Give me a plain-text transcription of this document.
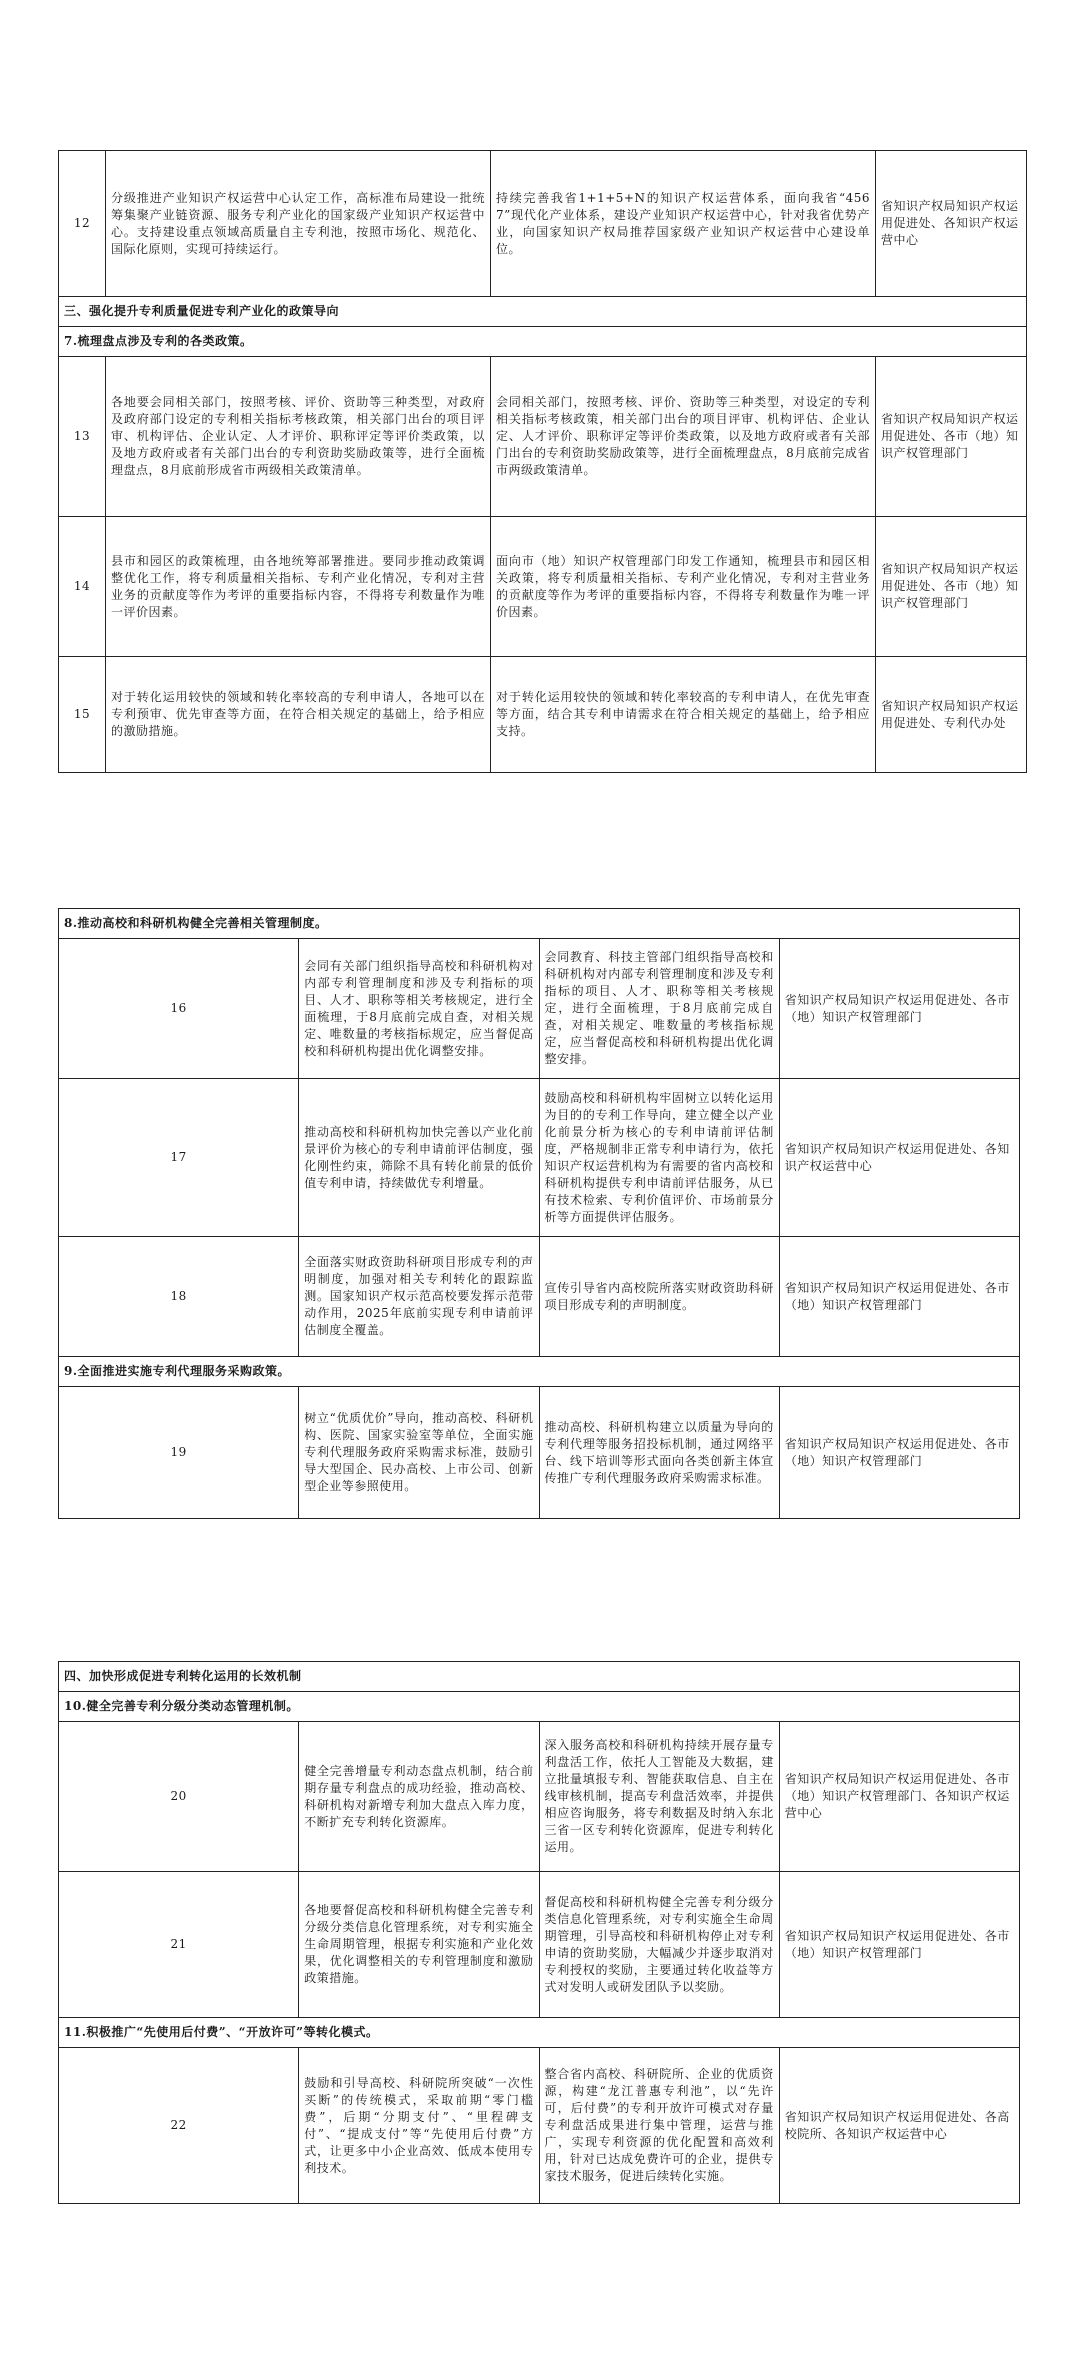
12	分级推进产业知识产权运营中心认定工作，高标准布局建设一批统筹集聚产业链资源、服务专利产业化的国家级产业知识产权运营中心。支持建设重点领域高质量自主专利池，按照市场化、规范化、国际化原则，实现可持续运行。	持续完善我省1+1+5+N的知识产权运营体系，面向我省“4567”现代化产业体系，建设产业知识产权运营中心，针对我省优势产业，向国家知识产权局推荐国家级产业知识产权运营中心建设单位。	省知识产权局知识产权运用促进处、各知识产权运营中心
三、强化提升专利质量促进专利产业化的政策导向			
7.梳理盘点涉及专利的各类政策。			
13	各地要会同相关部门，按照考核、评价、资助等三种类型，对政府及政府部门设定的专利相关指标考核政策，相关部门出台的项目评审、机构评估、企业认定、人才评价、职称评定等评价类政策，以及地方政府或者有关部门出台的专利资助奖励政策等，进行全面梳理盘点，8月底前形成省市两级相关政策清单。	会同相关部门，按照考核、评价、资助等三种类型，对设定的专利相关指标考核政策，相关部门出台的项目评审、机构评估、企业认定、人才评价、职称评定等评价类政策，以及地方政府或者有关部门出台的专利资助奖励政策等，进行全面梳理盘点，8月底前完成省市两级政策清单。	省知识产权局知识产权运用促进处、各市（地）知识产权管理部门
14	县市和园区的政策梳理，由各地统筹部署推进。要同步推动政策调整优化工作，将专利质量相关指标、专利产业化情况，专利对主营业务的贡献度等作为考评的重要指标内容，不得将专利数量作为唯一评价因素。	面向市（地）知识产权管理部门印发工作通知，梳理县市和园区相关政策，将专利质量相关指标、专利产业化情况，专利对主营业务的贡献度等作为考评的重要指标内容，不得将专利数量作为唯一评价因素。	省知识产权局知识产权运用促进处、各市（地）知识产权管理部门
15	对于转化运用较快的领域和转化率较高的专利申请人，各地可以在专利预审、优先审查等方面，在符合相关规定的基础上，给予相应的激励措施。	对于转化运用较快的领域和转化率较高的专利申请人，在优先审查等方面，结合其专利申请需求在符合相关规定的基础上，给予相应支持。	省知识产权局知识产权运用促进处、专利代办处
8.推动高校和科研机构健全完善相关管理制度。			
16	会同有关部门组织指导高校和科研机构对内部专利管理制度和涉及专利指标的项目、人才、职称等相关考核规定，进行全面梳理，于8月底前完成自查，对相关规定、唯数量的考核指标规定，应当督促高校和科研机构提出优化调整安排。	会同教育、科技主管部门组织指导高校和科研机构对内部专利管理制度和涉及专利指标的项目、人才、职称等相关考核规定，进行全面梳理，于8月底前完成自查，对相关规定、唯数量的考核指标规定，应当督促高校和科研机构提出优化调整安排。	省知识产权局知识产权运用促进处、各市（地）知识产权管理部门
17	推动高校和科研机构加快完善以产业化前景评价为核心的专利申请前评估制度，强化刚性约束，筛除不具有转化前景的低价值专利申请，持续做优专利增量。	鼓励高校和科研机构牢固树立以转化运用为目的的专利工作导向，建立健全以产业化前景分析为核心的专利申请前评估制度，严格规制非正常专利申请行为，依托知识产权运营机构为有需要的省内高校和科研机构提供专利申请前评估服务，从已有技术检索、专利价值评价、市场前景分析等方面提供评估服务。	省知识产权局知识产权运用促进处、各知识产权运营中心
18	全面落实财政资助科研项目形成专利的声明制度，加强对相关专利转化的跟踪监测。国家知识产权示范高校要发挥示范带动作用，2025年底前实现专利申请前评估制度全覆盖。	宣传引导省内高校院所落实财政资助科研项目形成专利的声明制度。	省知识产权局知识产权运用促进处、各市（地）知识产权管理部门
9.全面推进实施专利代理服务采购政策。			
19	树立“优质优价”导向，推动高校、科研机构、医院、国家实验室等单位，全面实施专利代理服务政府采购需求标准，鼓励引导大型国企、民办高校、上市公司、创新型企业等参照使用。	推动高校、科研机构建立以质量为导向的专利代理等服务招投标机制，通过网络平台、线下培训等形式面向各类创新主体宣传推广专利代理服务政府采购需求标准。	省知识产权局知识产权运用促进处、各市（地）知识产权管理部门
四、加快形成促进专利转化运用的长效机制			
10.健全完善专利分级分类动态管理机制。			
20	健全完善增量专利动态盘点机制，结合前期存量专利盘点的成功经验，推动高校、科研机构对新增专利加大盘点入库力度，不断扩充专利转化资源库。	深入服务高校和科研机构持续开展存量专利盘活工作，依托人工智能及大数据，建立批量填报专利、智能获取信息、自主在线审核机制，提高专利盘活效率，并提供相应咨询服务，将专利数据及时纳入东北三省一区专利转化资源库，促进专利转化运用。	省知识产权局知识产权运用促进处、各市（地）知识产权管理部门、各知识产权运营中心
21	各地要督促高校和科研机构健全完善专利分级分类信息化管理系统，对专利实施全生命周期管理，根据专利实施和产业化效果，优化调整相关的专利管理制度和激励政策措施。	督促高校和科研机构健全完善专利分级分类信息化管理系统，对专利实施全生命周期管理，引导高校和科研机构停止对专利申请的资助奖励，大幅减少并逐步取消对专利授权的奖励，主要通过转化收益等方式对发明人或研发团队予以奖励。	省知识产权局知识产权运用促进处、各市（地）知识产权管理部门
11.积极推广“先使用后付费”、“开放许可”等转化模式。			
22	鼓励和引导高校、科研院所突破“一次性买断”的传统模式，采取前期“零门槛费”，后期“分期支付”、“里程碑支付”、“提成支付”等“先使用后付费”方式，让更多中小企业高效、低成本使用专利技术。	整合省内高校、科研院所、企业的优质资源，构建“龙江普惠专利池”，以“先许可，后付费”的专利开放许可模式对存量专利盘活成果进行集中管理，运营与推广，实现专利资源的优化配置和高效利用，针对已达成免费许可的企业，提供专家技术服务，促进后续转化实施。	省知识产权局知识产权运用促进处、各高校院所、各知识产权运营中心
